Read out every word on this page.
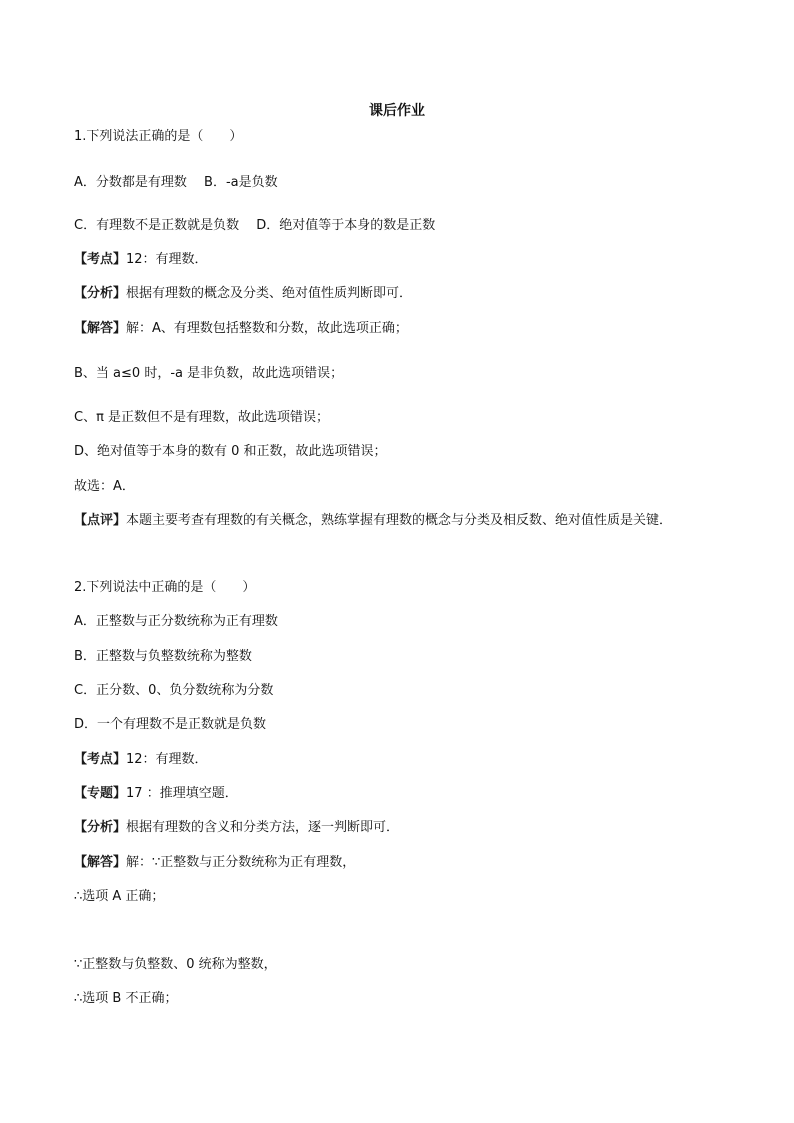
课后作业
1.下列说法正确的是（　　）
A．分数都是有理数　 B．-a是负数
C．有理数不是正数就是负数　 D．绝对值等于本身的数是正数
【考点】12：有理数．
【分析】根据有理数的概念及分类、绝对值性质判断即可．
【解答】解：A、有理数包括整数和分数，故此选项正确；
B、当 a≤0 时，-a 是非负数，故此选项错误；
C、π 是正数但不是有理数，故此选项错误；
D、绝对值等于本身的数有 0 和正数，故此选项错误；
故选：A．
【点评】本题主要考查有理数的有关概念，熟练掌握有理数的概念与分类及相反数、绝对值性质是关键．
2.下列说法中正确的是（　　）
A．正整数与正分数统称为正有理数
B．正整数与负整数统称为整数
C．正分数、0、负分数统称为分数
D．一个有理数不是正数就是负数
【考点】12：有理数．
【专题】17 ：推理填空题．
【分析】根据有理数的含义和分类方法，逐一判断即可．
【解答】解：∵正整数与正分数统称为正有理数，
∴选项 A 正确；
∵正整数与负整数、0 统称为整数，
∴选项 B 不正确；
